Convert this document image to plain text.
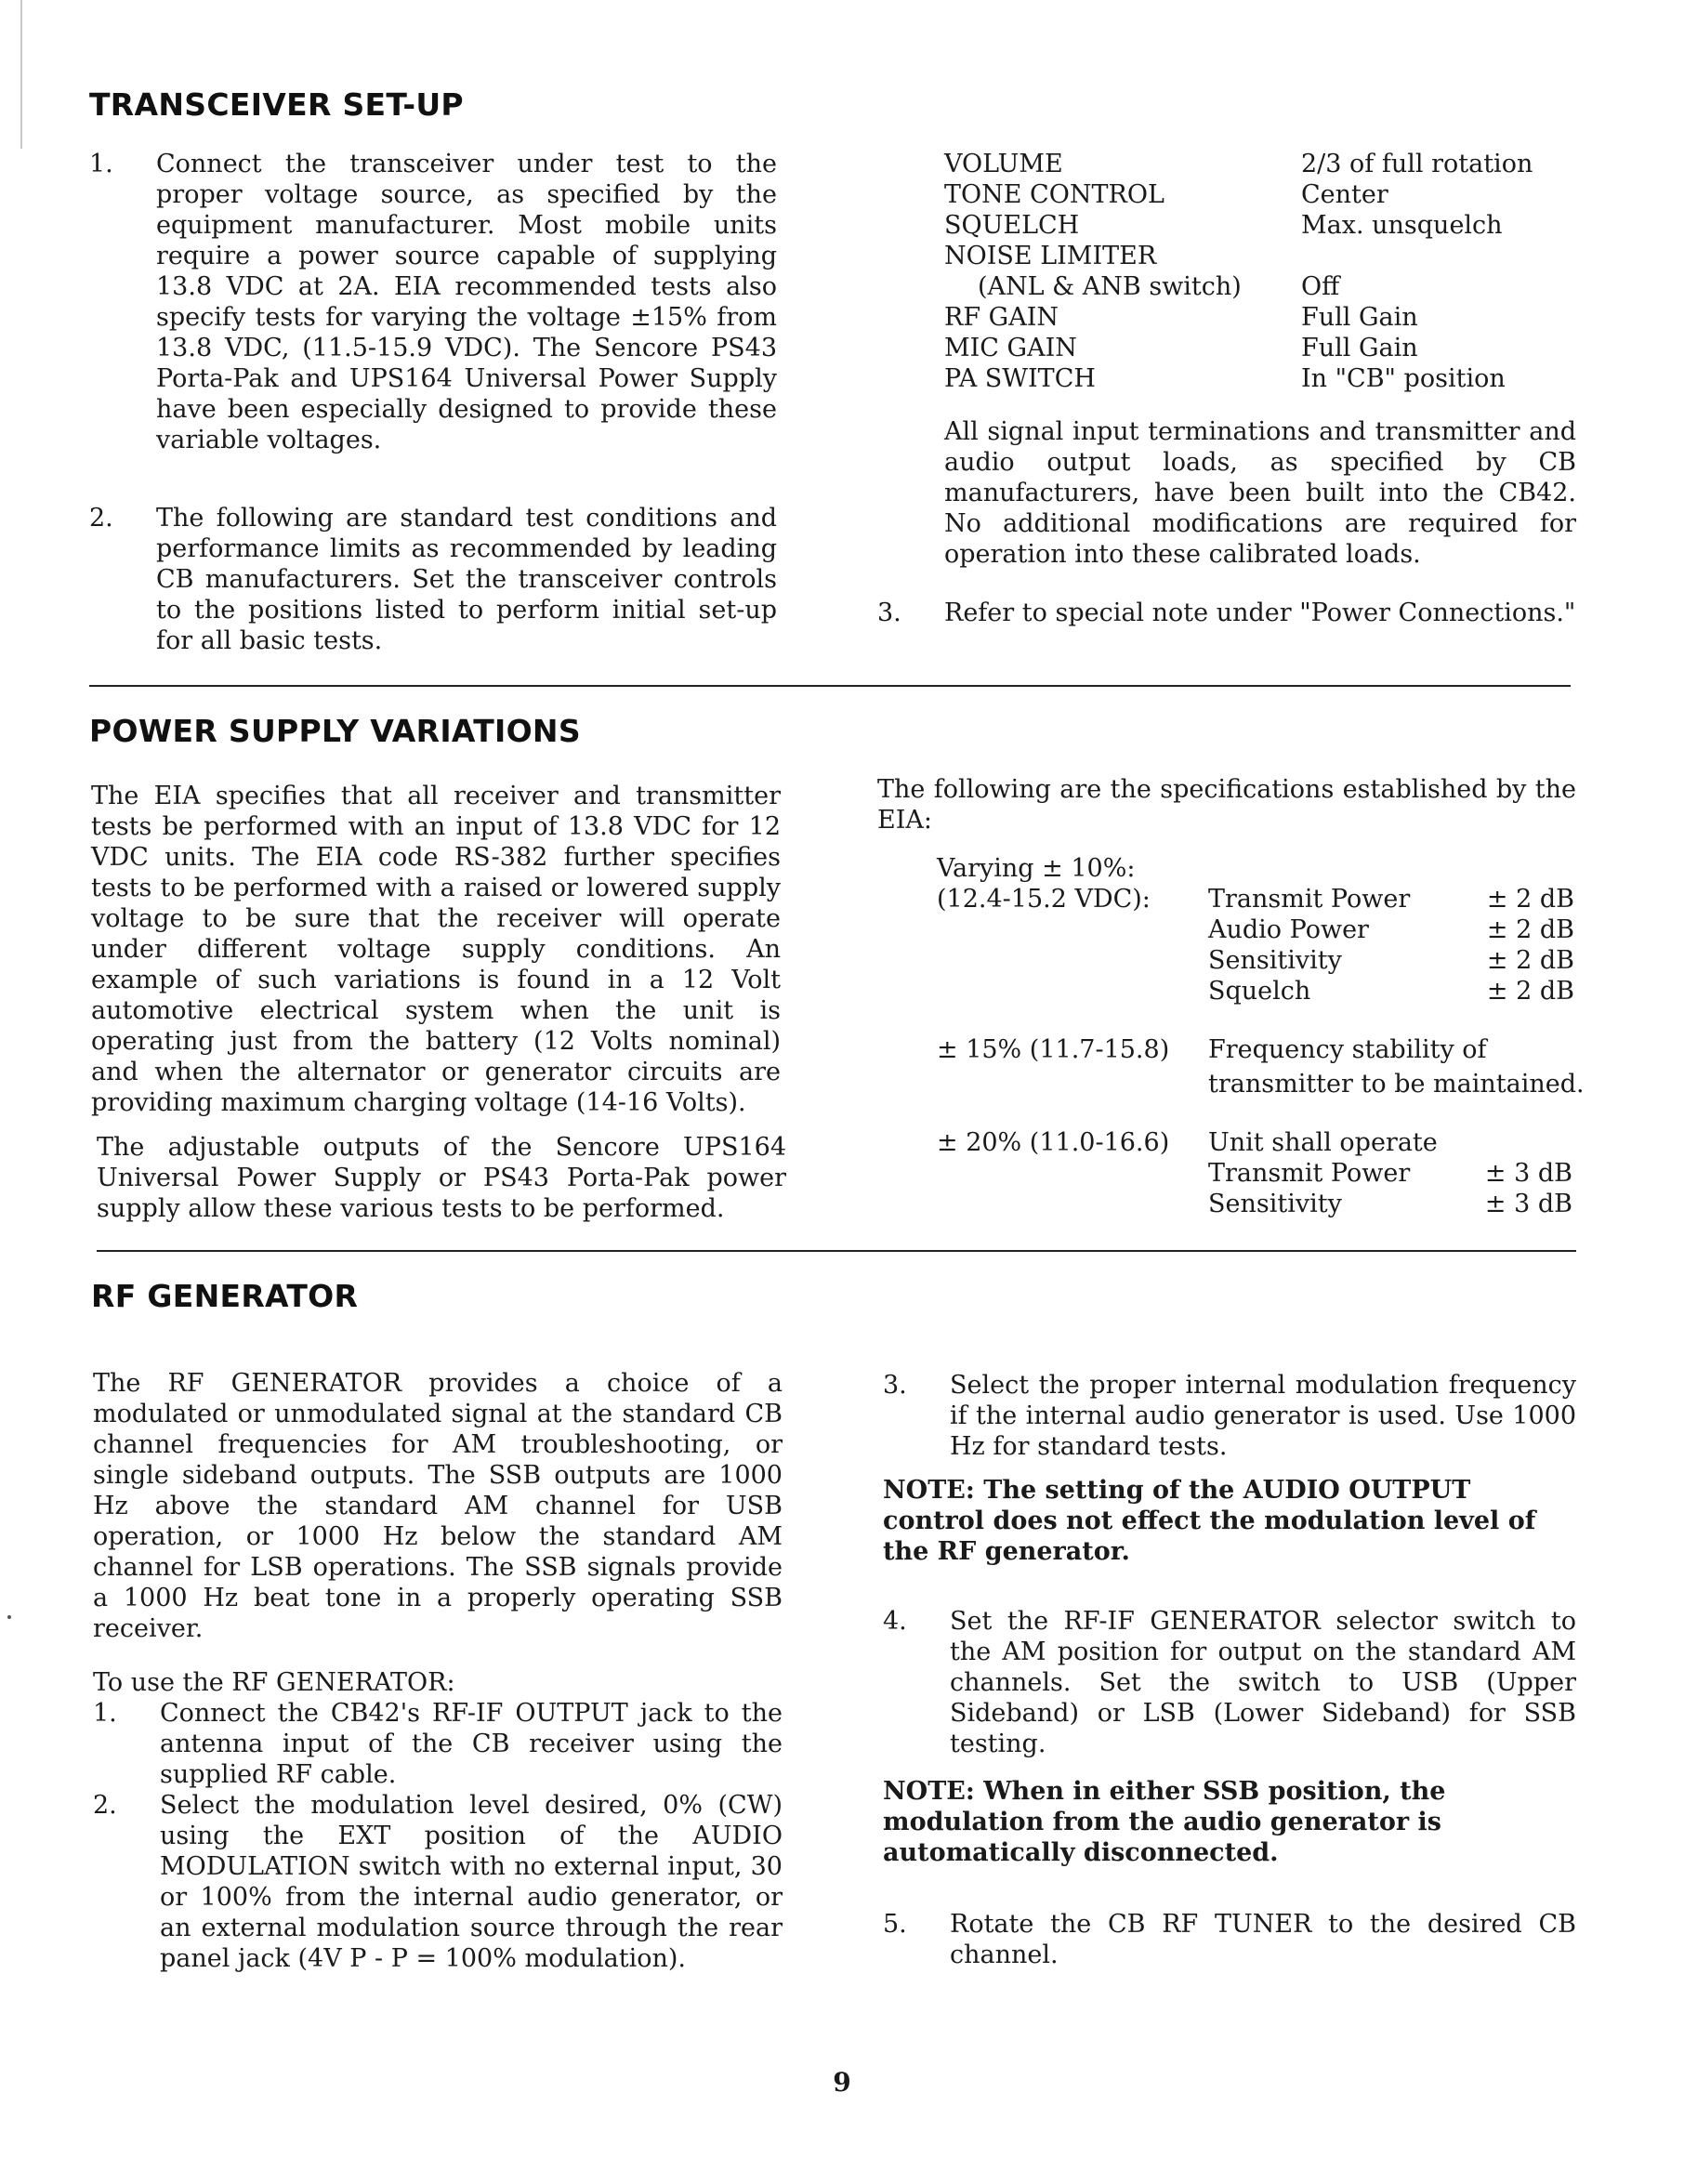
TRANSCEIVER SET-UP
1. Connect the transceiver under test to the proper voltage source, as specified by the equipment manufacturer. Most mobile units require a power source capable of supplying 13.8 VDC at 2A. EIA recommended tests also specify tests for varying the voltage ±15% from 13.8 VDC, (11.5-15.9 VDC). The Sencore PS43 Porta-Pak and UPS164 Universal Power Supply have been especially designed to provide these variable voltages.
2. The following are standard test conditions and performance limits as recommended by leading CB manufacturers. Set the transceiver controls to the positions listed to perform initial set-up for all basic tests.
VOLUME	2/3 of full rotation
TONE CONTROL	Center
SQUELCH	Max. unsquelch
NOISE LIMITER
(ANL & ANB switch)	Off
RF GAIN	Full Gain
MIC GAIN	Full Gain
PA SWITCH	In "CB" position
All signal input terminations and transmitter and audio output loads, as specified by CB manufacturers, have been built into the CB42. No additional modifications are required for operation into these calibrated loads.
3. Refer to special note under "Power Connections."
POWER SUPPLY VARIATIONS
The EIA specifies that all receiver and transmitter tests be performed with an input of 13.8 VDC for 12 VDC units. The EIA code RS-382 further specifies tests to be performed with a raised or lowered supply voltage to be sure that the receiver will operate under different voltage supply conditions. An example of such variations is found in a 12 Volt automotive electrical system when the unit is operating just from the battery (12 Volts nominal) and when the alternator or generator circuits are providing maximum charging voltage (14-16 Volts).
The adjustable outputs of the Sencore UPS164 Universal Power Supply or PS43 Porta-Pak power supply allow these various tests to be performed.
The following are the specifications established by the EIA:
Varying ± 10%:
(12.4-15.2 VDC):	Transmit Power	± 2 dB
Audio Power	± 2 dB
Sensitivity	± 2 dB
Squelch	± 2 dB
± 15% (11.7-15.8)	Frequency stability of
transmitter to be maintained.
± 20% (11.0-16.6)	Unit shall operate
Transmit Power	± 3 dB
Sensitivity	± 3 dB
RF GENERATOR

The RF GENERATOR provides a choice of a modulated or unmodulated signal at the standard CB channel frequencies for AM troubleshooting, or single sideband outputs. The SSB outputs are 1000 Hz above the standard AM channel for USB operation, or 1000 Hz below the standard AM channel for LSB operations. The SSB signals provide a 1000 Hz beat tone in a properly operating SSB receiver.

To use the RF GENERATOR:

1. Connect the CB42's RF-IF OUTPUT jack to the antenna input of the CB receiver using the supplied RF cable.
2. Select the modulation level desired, 0% (CW) using the EXT position of the AUDIO MODULATION switch with no external input, 30 or 100% from the internal audio generator, or an external modulation source through the rear panel jack (4V P - P = 100% modulation).
3. Select the proper internal modulation frequency if the internal audio generator is used. Use 1000 Hz for standard tests.

NOTE: The setting of the AUDIO OUTPUT control does not effect the modulation level of the RF generator.

4. Set the RF-IF GENERATOR selector switch to the AM position for output on the standard AM channels. Set the switch to USB (Upper Sideband) or LSB (Lower Sideband) for SSB testing.

NOTE: When in either SSB position, the modulation from the audio generator is automatically disconnected.

5. Rotate the CB RF TUNER to the desired CB channel.
9
